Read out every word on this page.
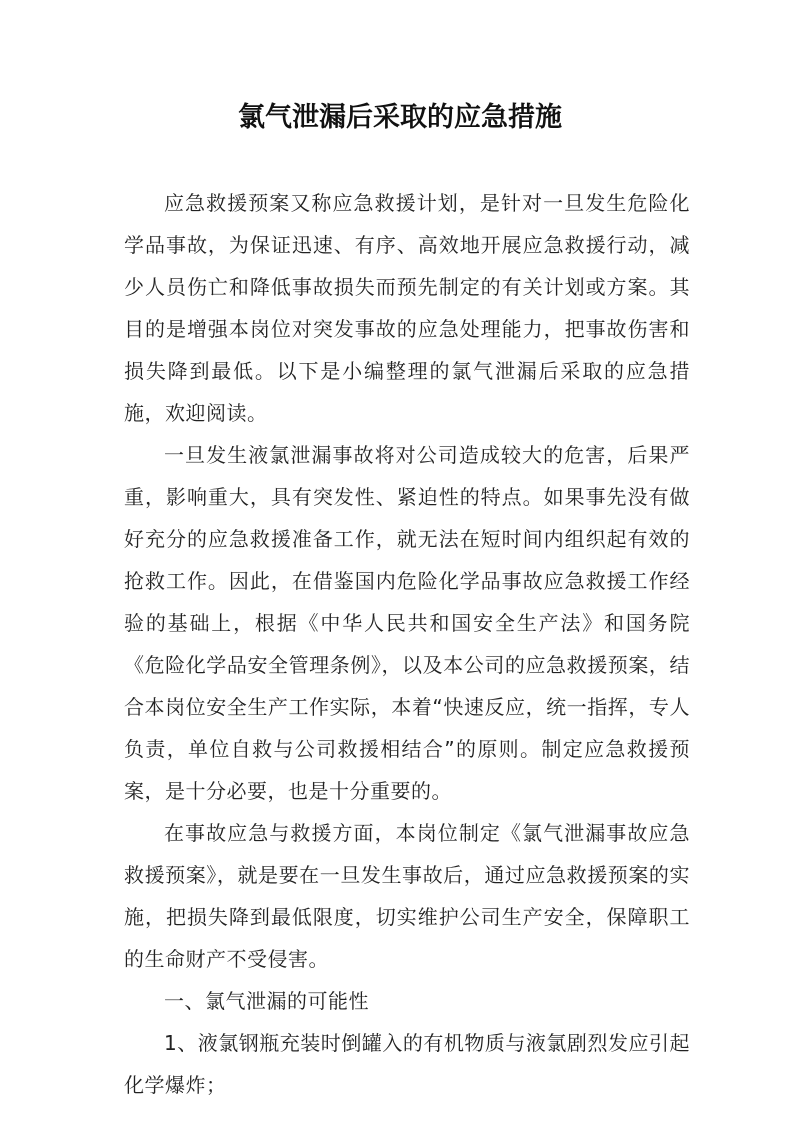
氯气泄漏后采取的应急措施

应急救援预案又称应急救援计划，是针对一旦发生危险化学品事故，为保证迅速、有序、高效地开展应急救援行动，减少人员伤亡和降低事故损失而预先制定的有关计划或方案。其目的是增强本岗位对突发事故的应急处理能力，把事故伤害和损失降到最低。以下是小编整理的氯气泄漏后采取的应急措施，欢迎阅读。

一旦发生液氯泄漏事故将对公司造成较大的危害，后果严重，影响重大，具有突发性、紧迫性的特点。如果事先没有做好充分的应急救援准备工作，就无法在短时间内组织起有效的抢救工作。因此，在借鉴国内危险化学品事故应急救援工作经验的基础上，根据《中华人民共和国安全生产法》和国务院《危险化学品安全管理条例》，以及本公司的应急救援预案，结合本岗位安全生产工作实际，本着“快速反应，统一指挥，专人负责，单位自救与公司救援相结合”的原则。制定应急救援预案，是十分必要，也是十分重要的。

在事故应急与救援方面，本岗位制定《氯气泄漏事故应急救援预案》，就是要在一旦发生事故后，通过应急救援预案的实施，把损失降到最低限度，切实维护公司生产安全，保障职工的生命财产不受侵害。

一、氯气泄漏的可能性

1、液氯钢瓶充装时倒罐入的有机物质与液氯剧烈发应引起化学爆炸；
